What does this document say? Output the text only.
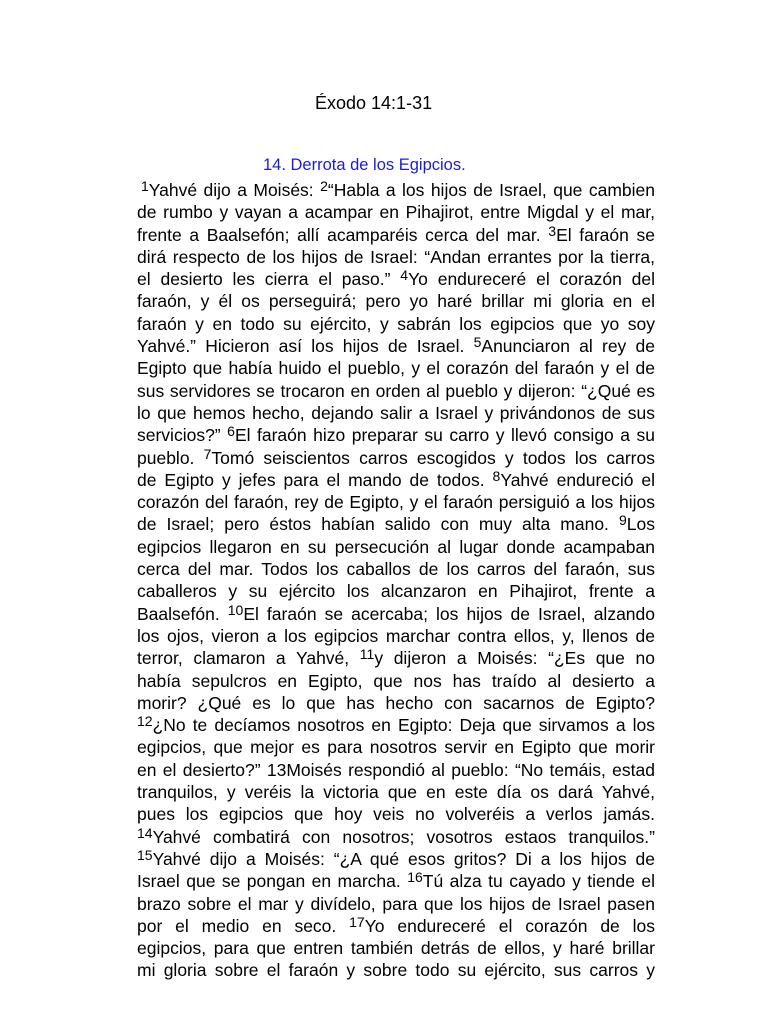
Éxodo 14:1-31
14. Derrota de los Egipcios.
$^1$Yahvé dijo a Moisés: $^2$“Habla a los hijos de Israel, que cambien
de rumbo y vayan a acampar en Pihajirot, entre Migdal y el mar,
frente a Baalsefón; allí acamparéis cerca del mar. $^3$El faraón se
dirá respecto de los hijos de Israel: “Andan errantes por la tierra,
el desierto les cierra el paso.” $^4$Yo endureceré el corazón del
faraón, y él os perseguirá; pero yo haré brillar mi gloria en el
faraón y en todo su ejército, y sabrán los egipcios que yo soy
Yahvé.” Hicieron así los hijos de Israel. $^5$Anunciaron al rey de
Egipto que había huido el pueblo, y el corazón del faraón y el de
sus servidores se trocaron en orden al pueblo y dijeron: “¿Qué es
lo que hemos hecho, dejando salir a Israel y privándonos de sus
servicios?” $^6$El faraón hizo preparar su carro y llevó consigo a su
pueblo. $^7$Tomó seiscientos carros escogidos y todos los carros
de Egipto y jefes para el mando de todos. $^8$Yahvé endureció el
corazón del faraón, rey de Egipto, y el faraón persiguió a los hijos
de Israel; pero éstos habían salido con muy alta mano. $^9$Los
egipcios llegaron en su persecución al lugar donde acampaban
cerca del mar. Todos los caballos de los carros del faraón, sus
caballeros y su ejército los alcanzaron en Pihajirot, frente a
Baalsefón. $^{10}$El faraón se acercaba; los hijos de Israel, alzando
los ojos, vieron a los egipcios marchar contra ellos, y, llenos de
terror, clamaron a Yahvé, $^{11}$y dijeron a Moisés: “¿Es que no
había sepulcros en Egipto, que nos has traído al desierto a
morir? ¿Qué es lo que has hecho con sacarnos de Egipto?
$^{12}$¿No te decíamos nosotros en Egipto: Deja que sirvamos a los
egipcios, que mejor es para nosotros servir en Egipto que morir
en el desierto?” 13Moisés respondió al pueblo: “No temáis, estad
tranquilos, y veréis la victoria que en este día os dará Yahvé,
pues los egipcios que hoy veis no volveréis a verlos jamás.
$^{14}$Yahvé combatirá con nosotros; vosotros estaos tranquilos.”
$^{15}$Yahvé dijo a Moisés: “¿A qué esos gritos? Di a los hijos de
Israel que se pongan en marcha. $^{16}$Tú alza tu cayado y tiende el
brazo sobre el mar y divídelo, para que los hijos de Israel pasen
por el medio en seco. $^{17}$Yo endureceré el corazón de los
egipcios, para que entren también detrás de ellos, y haré brillar
mi gloria sobre el faraón y sobre todo su ejército, sus carros y
